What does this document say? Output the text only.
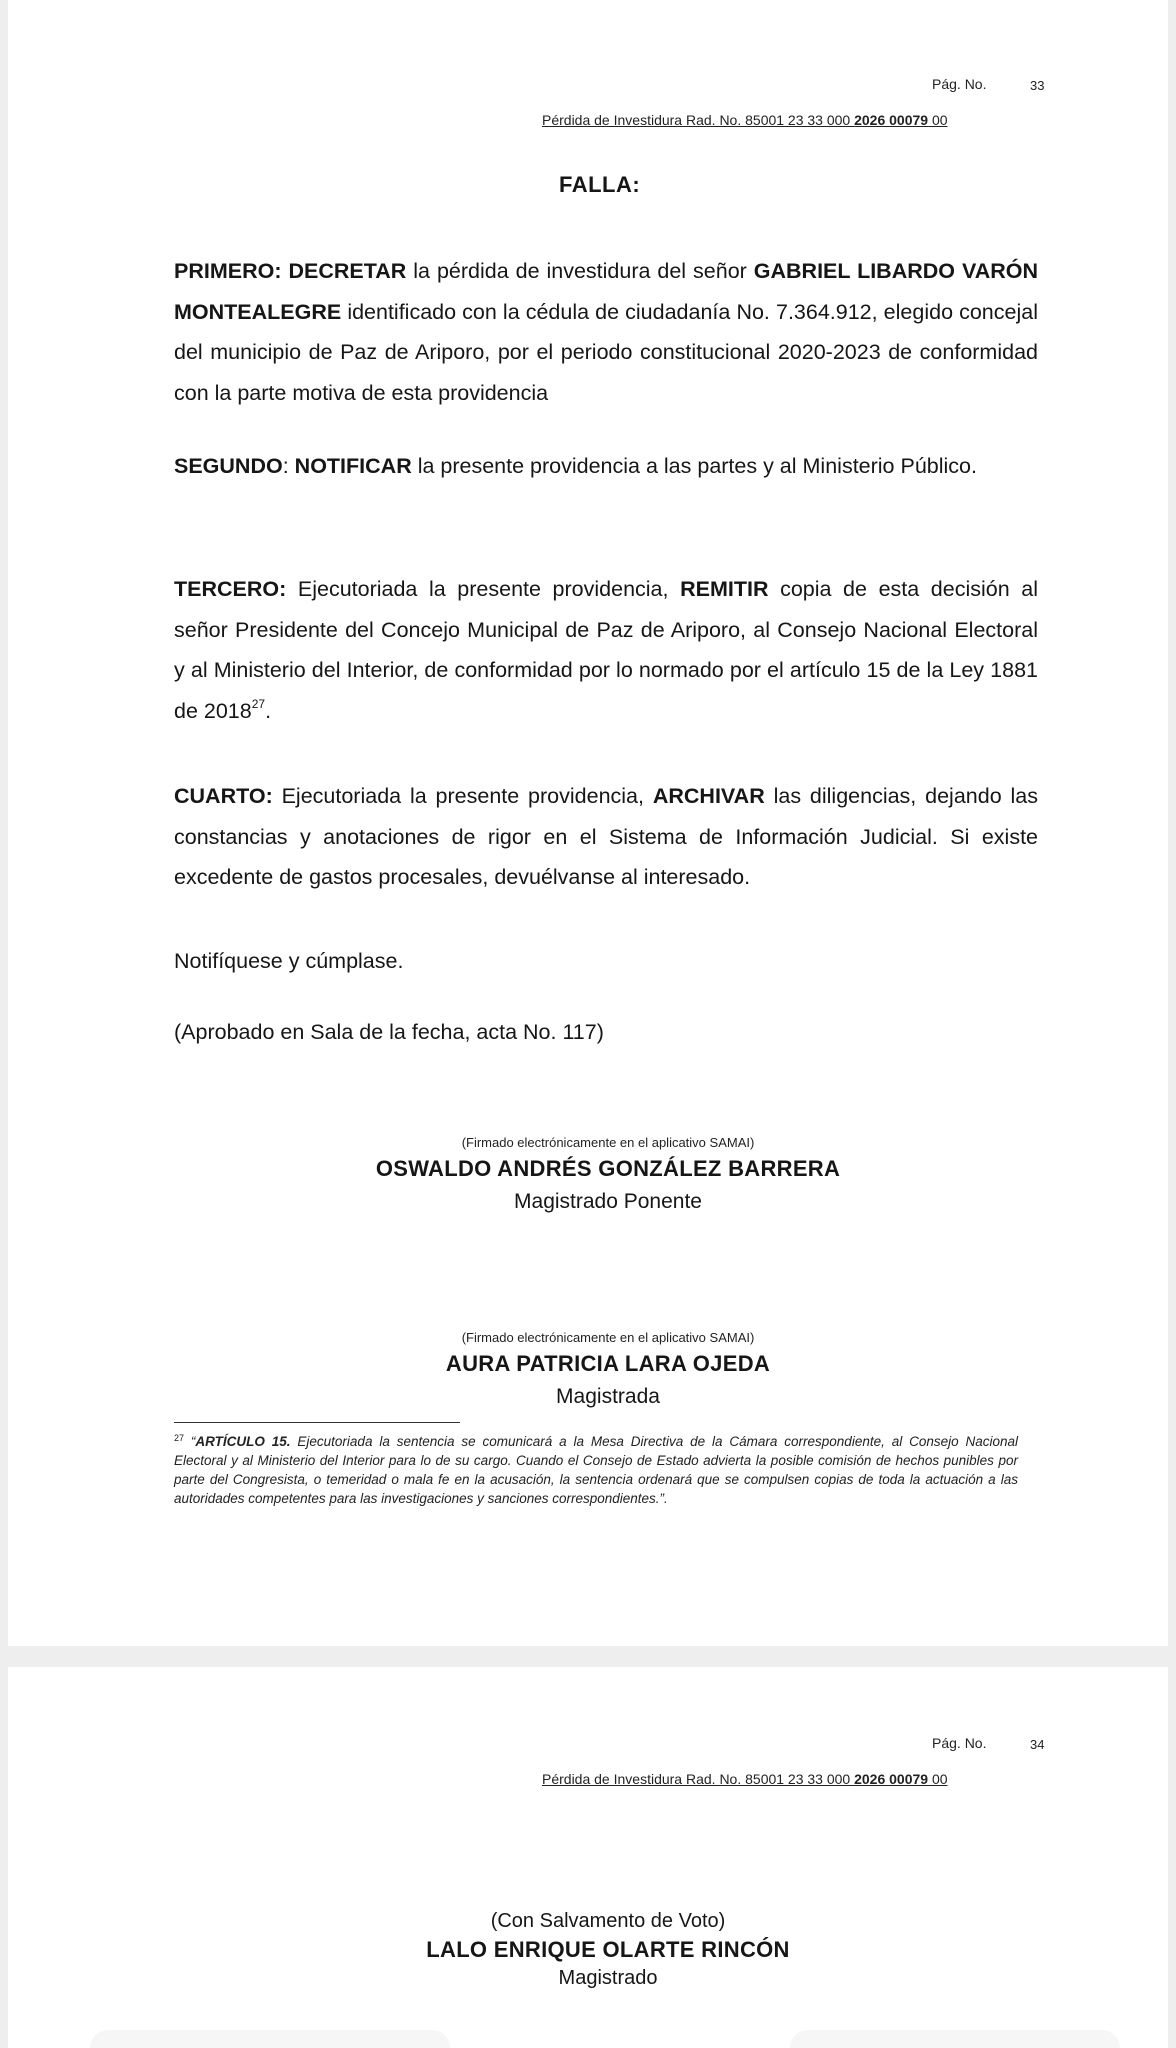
Pág. No.	33
Pérdida de Investidura Rad. No. 85001 23 33 000 2026 00079 00
FALLA:
PRIMERO: DECRETAR la pérdida de investidura del señor GABRIEL LIBARDO VARÓN MONTEALEGRE identificado con la cédula de ciudadanía No. 7.364.912, elegido concejal del municipio de Paz de Ariporo, por el periodo constitucional 2020-2023 de conformidad con la parte motiva de esta providencia
SEGUNDO: NOTIFICAR la presente providencia a las partes y al Ministerio Público.
TERCERO: Ejecutoriada la presente providencia, REMITIR copia de esta decisión al señor Presidente del Concejo Municipal de Paz de Ariporo, al Consejo Nacional Electoral y al Ministerio del Interior, de conformidad por lo normado por el artículo 15 de la Ley 1881 de 2018$^{27}$.
CUARTO: Ejecutoriada la presente providencia, ARCHIVAR las diligencias, dejando las constancias y anotaciones de rigor en el Sistema de Información Judicial. Si existe excedente de gastos procesales, devuélvanse al interesado.
Notifíquese y cúmplase.
(Aprobado en Sala de la fecha, acta No. 117)
(Firmado electrónicamente en el aplicativo SAMAI)
OSWALDO ANDRÉS GONZÁLEZ BARRERA
Magistrado Ponente
(Firmado electrónicamente en el aplicativo SAMAI)
AURA PATRICIA LARA OJEDA
Magistrada
$^{27}$ “ARTÍCULO 15. Ejecutoriada la sentencia se comunicará a la Mesa Directiva de la Cámara correspondiente, al Consejo Nacional Electoral y al Ministerio del Interior para lo de su cargo. Cuando el Consejo de Estado advierta la posible comisión de hechos punibles por parte del Congresista, o temeridad o mala fe en la acusación, la sentencia ordenará que se compulsen copias de toda la actuación a las autoridades competentes para las investigaciones y sanciones correspondientes.”.
Pág. No.	34
Pérdida de Investidura Rad. No. 85001 23 33 000 2026 00079 00
(Con Salvamento de Voto)
LALO ENRIQUE OLARTE RINCÓN
Magistrado
